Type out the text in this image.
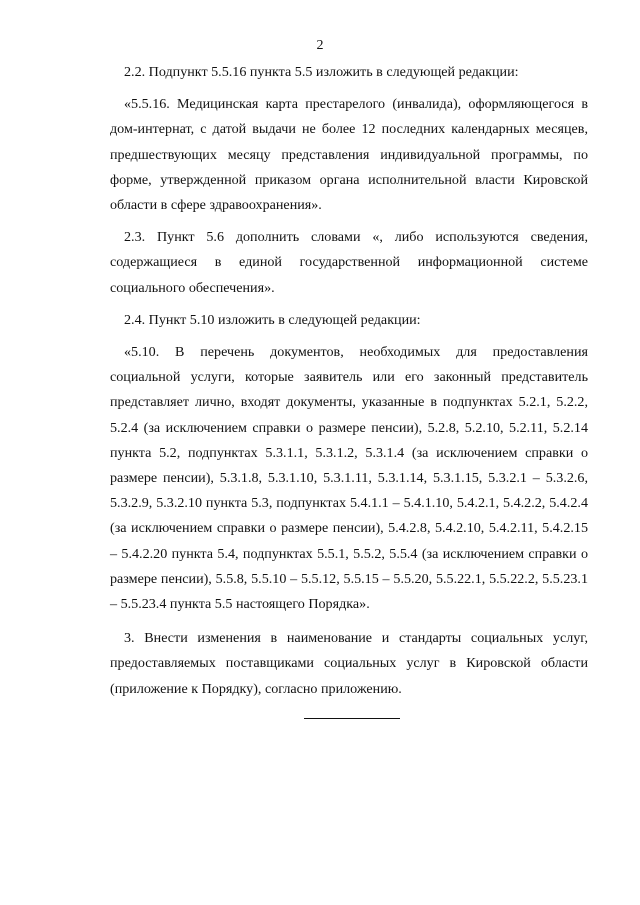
2

2.2. Подпункт 5.5.16 пункта 5.5 изложить в следующей редакции:

«5.5.16. Медицинская карта престарелого (инвалида), оформляющегося в дом-интернат, с датой выдачи не более 12 последних календарных месяцев, предшествующих месяцу представления индивидуальной программы, по форме, утвержденной приказом органа исполнительной власти Кировской области в сфере здравоохранения».

2.3. Пункт 5.6 дополнить словами «, либо используются сведения, содержащиеся в единой государственной информационной системе социального обеспечения».

2.4. Пункт 5.10 изложить в следующей редакции:

«5.10. В перечень документов, необходимых для предоставления социальной услуги, которые заявитель или его законный представитель представляет лично, входят документы, указанные в подпунктах 5.2.1, 5.2.2, 5.2.4 (за исключением справки о размере пенсии), 5.2.8, 5.2.10, 5.2.11, 5.2.14 пункта 5.2, подпунктах 5.3.1.1, 5.3.1.2, 5.3.1.4 (за исключением справки о размере пенсии), 5.3.1.8, 5.3.1.10, 5.3.1.11, 5.3.1.14, 5.3.1.15, 5.3.2.1 – 5.3.2.6, 5.3.2.9, 5.3.2.10 пункта 5.3, подпунктах 5.4.1.1 – 5.4.1.10, 5.4.2.1, 5.4.2.2, 5.4.2.4 (за исключением справки о размере пенсии), 5.4.2.8, 5.4.2.10, 5.4.2.11, 5.4.2.15 – 5.4.2.20 пункта 5.4, подпунктах 5.5.1, 5.5.2, 5.5.4 (за исключением справки о размере пенсии), 5.5.8, 5.5.10 – 5.5.12, 5.5.15 – 5.5.20, 5.5.22.1, 5.5.22.2, 5.5.23.1 – 5.5.23.4 пункта 5.5 настоящего Порядка».

3. Внести изменения в наименование и стандарты социальных услуг, предоставляемых поставщиками социальных услуг в Кировской области (приложение к Порядку), согласно приложению.
